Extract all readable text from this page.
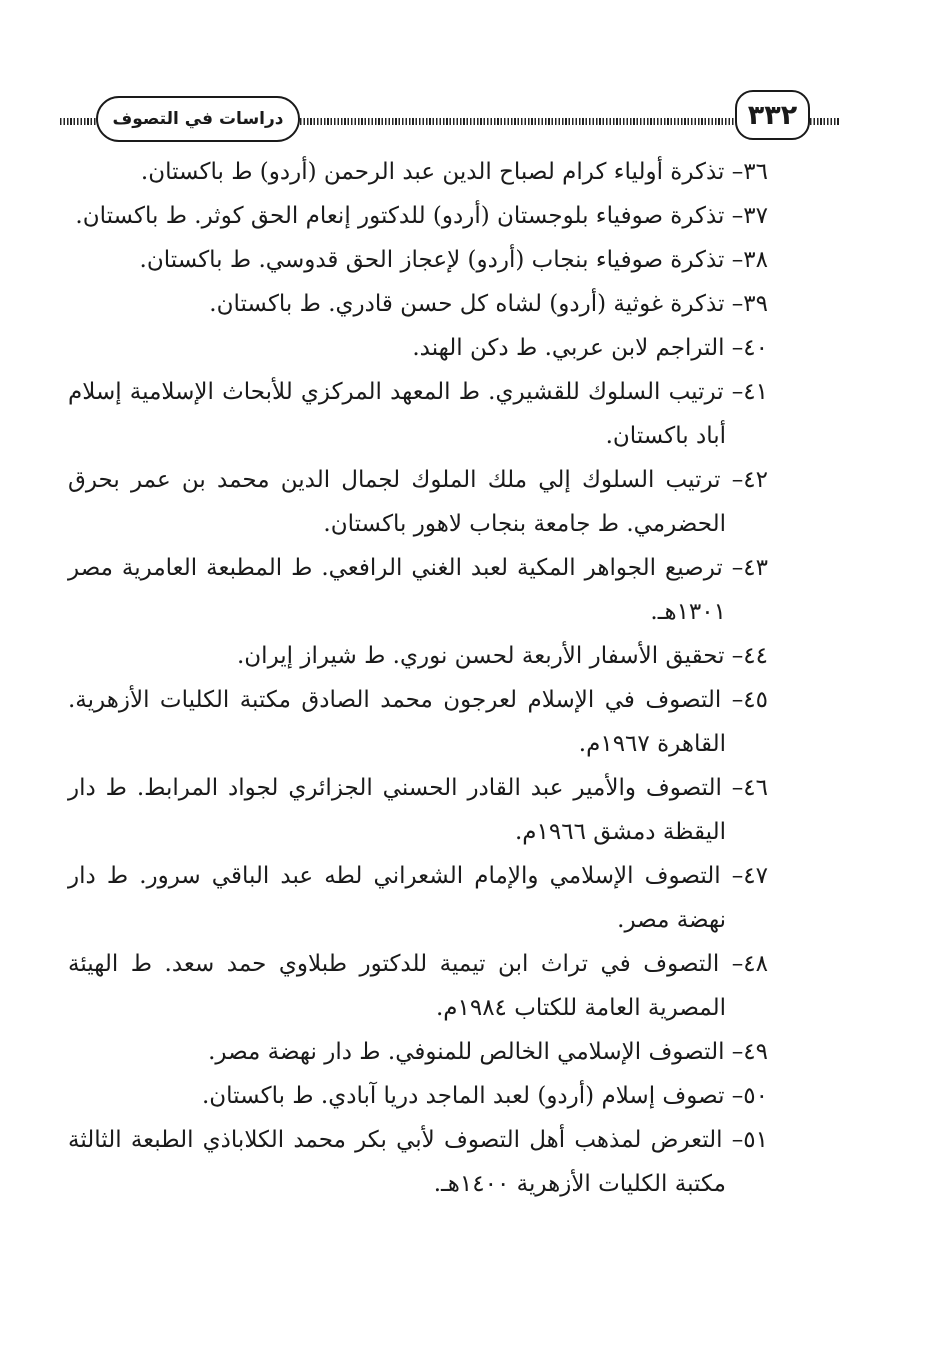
دراسات في التصوف	٣٣٢
٣٦– تذكرة أولياء كرام لصباح الدين عبد الرحمن (أردو) ط باكستان.
٣٧– تذكرة صوفياء بلوجستان (أردو) للدكتور إنعام الحق كوثر. ط باكستان.
٣٨– تذكرة صوفياء بنجاب (أردو) لإعجاز الحق قدوسي. ط باكستان.
٣٩– تذكرة غوثية (أردو) لشاه كل حسن قادري. ط باكستان.
٤٠– التراجم لابن عربي. ط دكن الهند.
٤١– ترتيب السلوك للقشيري. ط المعهد المركزي للأبحاث الإسلامية إسلام أباد باكستان.
٤٢– ترتيب السلوك إلي ملك الملوك لجمال الدين محمد بن عمر بحرق الحضرمي. ط جامعة بنجاب لاهور باكستان.
٤٣– ترصيع الجواهر المكية لعبد الغني الرافعي. ط المطبعة العامرية مصر ١٣٠١هـ.
٤٤– تحقيق الأسفار الأربعة لحسن نوري. ط شيراز إيران.
٤٥– التصوف في الإسلام لعرجون محمد الصادق مكتبة الكليات الأزهرية. القاهرة ١٩٦٧م.
٤٦– التصوف والأمير عبد القادر الحسني الجزائري لجواد المرابط. ط دار اليقظة دمشق ١٩٦٦م.
٤٧– التصوف الإسلامي والإمام الشعراني لطه عبد الباقي سرور. ط دار نهضة مصر.
٤٨– التصوف في تراث ابن تيمية للدكتور طبلاوي حمد سعد. ط الهيئة المصرية العامة للكتاب ١٩٨٤م.
٤٩– التصوف الإسلامي الخالص للمنوفي. ط دار نهضة مصر.
٥٠– تصوف إسلام (أردو) لعبد الماجد دريا آبادي. ط باكستان.
٥١– التعرض لمذهب أهل التصوف لأبي بكر محمد الكلاباذي الطبعة الثالثة مكتبة الكليات الأزهرية ١٤٠٠هـ.
